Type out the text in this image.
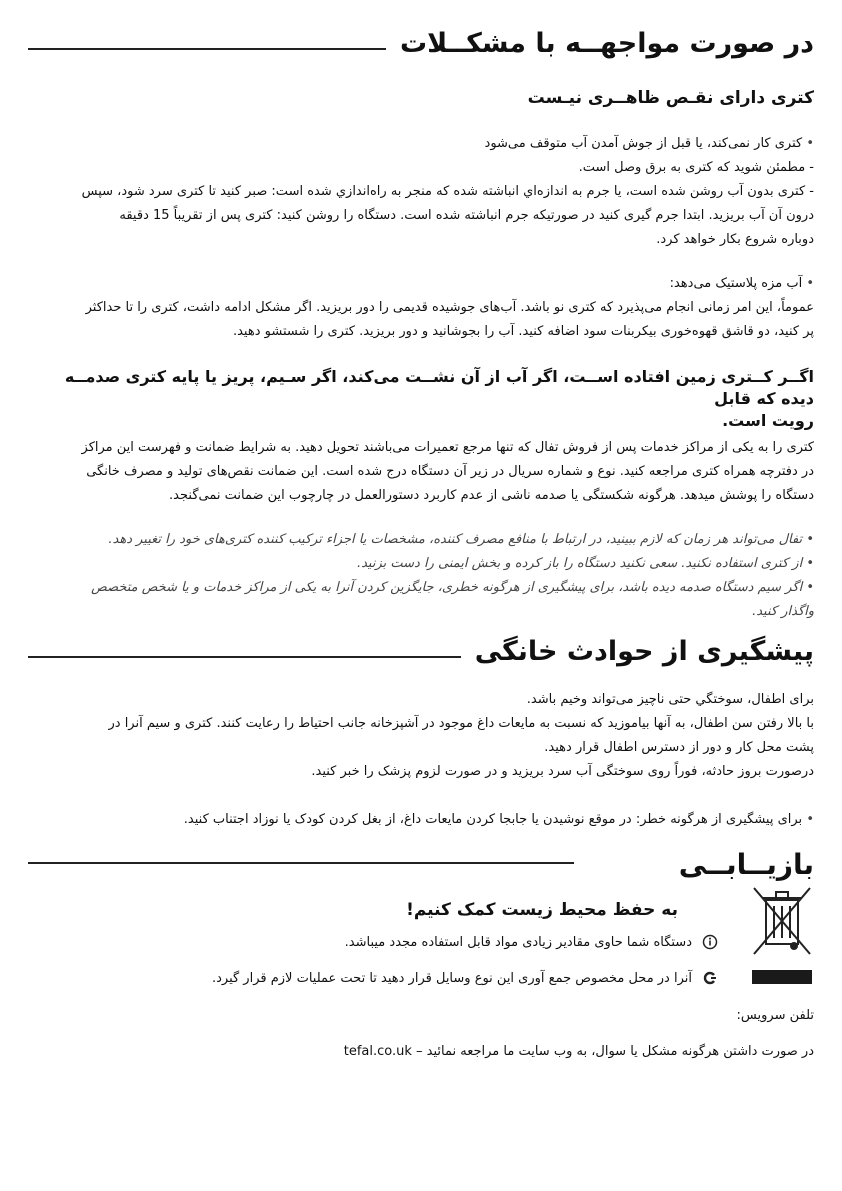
در صورت مواجهــه با مشکــلات
کتری دارای نقـص ظاهــری نیـست

• کتری کار نمی‌کند، یا قبل از جوش آمدن آب متوقف می‌شود

- مطمئن شوید که کتری به برق وصل است.

- کتری بدون آب روشن شده است، یا جرم به اندازه‌اي انباشته شده که منجر به راه‌اندازي شده است: صبر کنید تا کتری سرد شود، سپس

درون آن آب بریزید. ابتدا جرم گیری کنید در صورتیکه جرم انباشته شده است. دستگاه را روشن کنید: کتری پس از تقریباً 15 دقیقه

دوباره شروع بکار خواهد کرد.

• آب مزه پلاستیک می‌دهد:

عموماً، این امر زمانی انجام می‌پذیرد که کتری نو باشد. آب‌های جوشیده قدیمی را دور بریزید. اگر مشکل ادامه داشت، کتری را تا حداکثر

پر کنید، دو قاشق قهوه‌خوری بیکربنات سود اضافه کنید. آب را بجوشانید و دور بریزید. کتری را شستشو دهید.

اگــر کــتری زمین افتاده اســت، اگر آب از آن نشــت می‌کند، اگر سـیم، پریز یا پایه کتری صدمــه دیده که قابل
رویت است.

کتری را به یکی از مراکز خدمات پس از فروش تفال که تنها مرجع تعمیرات می‌باشند تحویل دهید. به شرایط ضمانت و فهرست این مراکز

در دفترچه همراه کتری مراجعه کنید. نوع و شماره سریال در زیر آن دستگاه درج شده است. این ضمانت نقص‌های تولید و مصرف خانگی

دستگاه را پوشش میدهد. هرگونه شکستگی یا صدمه ناشی از عدم کاربرد دستورالعمل در چارچوب این ضمانت نمی‌گنجد.

• تفال می‌تواند هر زمان که لازم ببینید، در ارتباط با منافع مصرف کننده، مشخصات یا اجزاء ترکیب کننده کتری‌های خود را تغییر دهد.

• از کتری استفاده نکنید. سعی نکنید دستگاه را باز کرده و بخش ایمنی را دست بزنید.

• اگر سیم دستگاه صدمه دیده باشد، برای پیشگیری از هرگونه خطری، جایگزین کردن آنرا به یکی از مراکز خدمات و یا شخص متخصص

واگذار کنید.

پیشگیری از حوادث خانگی

برای اطفال، سوختگي حتی ناچیز می‌تواند وخیم باشد.

با بالا رفتن سن اطفال، به آنها بیاموزید که نسبت به مایعات داغ موجود در آشپزخانه جانب احتیاط را رعایت کنند. کتری و سیم آنرا در

پشت محل کار و دور از دسترس اطفال قرار دهید.

درصورت بروز حادثه، فوراً روی سوختگی آب سرد بریزید و در صورت لزوم پزشک را خبر کنید.

• برای پیشگیری از هرگونه خطر: در موقع نوشیدن یا جابجا کردن مایعات داغ، از بغل کردن کودک یا نوزاد اجتناب کنید.

بازیــابــی
به حفظ محیط زیست کمک کنیم!
دستگاه شما حاوی مقادیر زیادی مواد قابل استفاده مجدد میباشد.
آنرا در محل مخصوص جمع آوری این نوع وسایل قرار دهید تا تحت عملیات لازم قرار گیرد.

تلفن سرویس:

در صورت داشتن هرگونه مشکل یا سوال، به وب سایت ما مراجعه نمائید – tefal.co.uk
